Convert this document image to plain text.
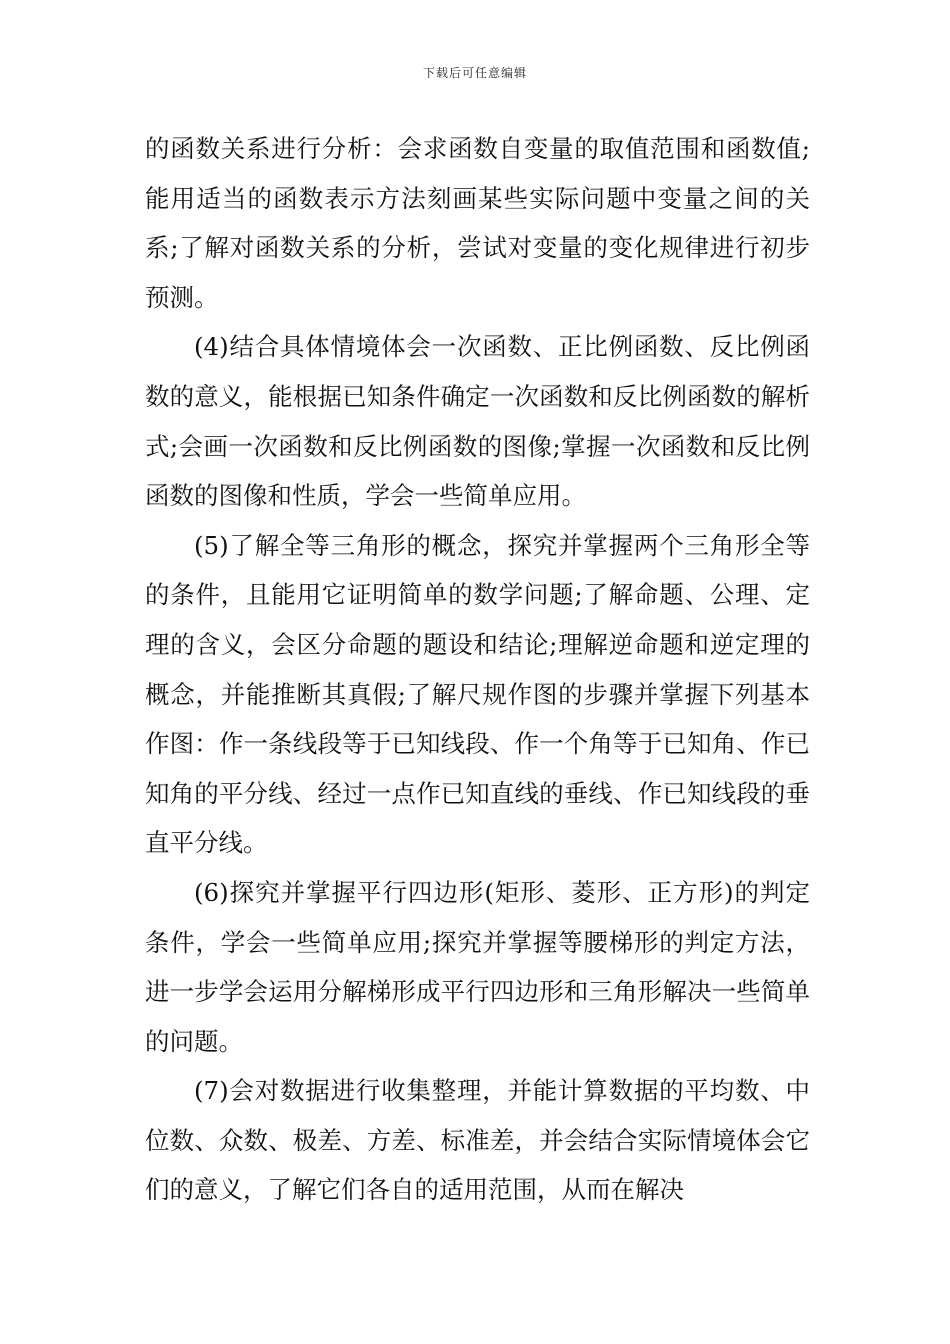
下载后可任意编辑

的函数关系进行分析：会求函数自变量的取值范围和函数值;能用适当的函数表示方法刻画某些实际问题中变量之间的关系;了解对函数关系的分析，尝试对变量的变化规律进行初步预测。

(4)结合具体情境体会一次函数、正比例函数、反比例函数的意义，能根据已知条件确定一次函数和反比例函数的解析式;会画一次函数和反比例函数的图像;掌握一次函数和反比例函数的图像和性质，学会一些简单应用。

(5)了解全等三角形的概念，探究并掌握两个三角形全等的条件，且能用它证明简单的数学问题;了解命题、公理、定理的含义，会区分命题的题设和结论;理解逆命题和逆定理的概念，并能推断其真假;了解尺规作图的步骤并掌握下列基本作图：作一条线段等于已知线段、作一个角等于已知角、作已知角的平分线、经过一点作已知直线的垂线、作已知线段的垂直平分线。

(6)探究并掌握平行四边形(矩形、菱形、正方形)的判定条件，学会一些简单应用;探究并掌握等腰梯形的判定方法，进一步学会运用分解梯形成平行四边形和三角形解决一些简单的问题。

(7)会对数据进行收集整理，并能计算数据的平均数、中位数、众数、极差、方差、标准差，并会结合实际情境体会它们的意义，了解它们各自的适用范围，从而在解决
